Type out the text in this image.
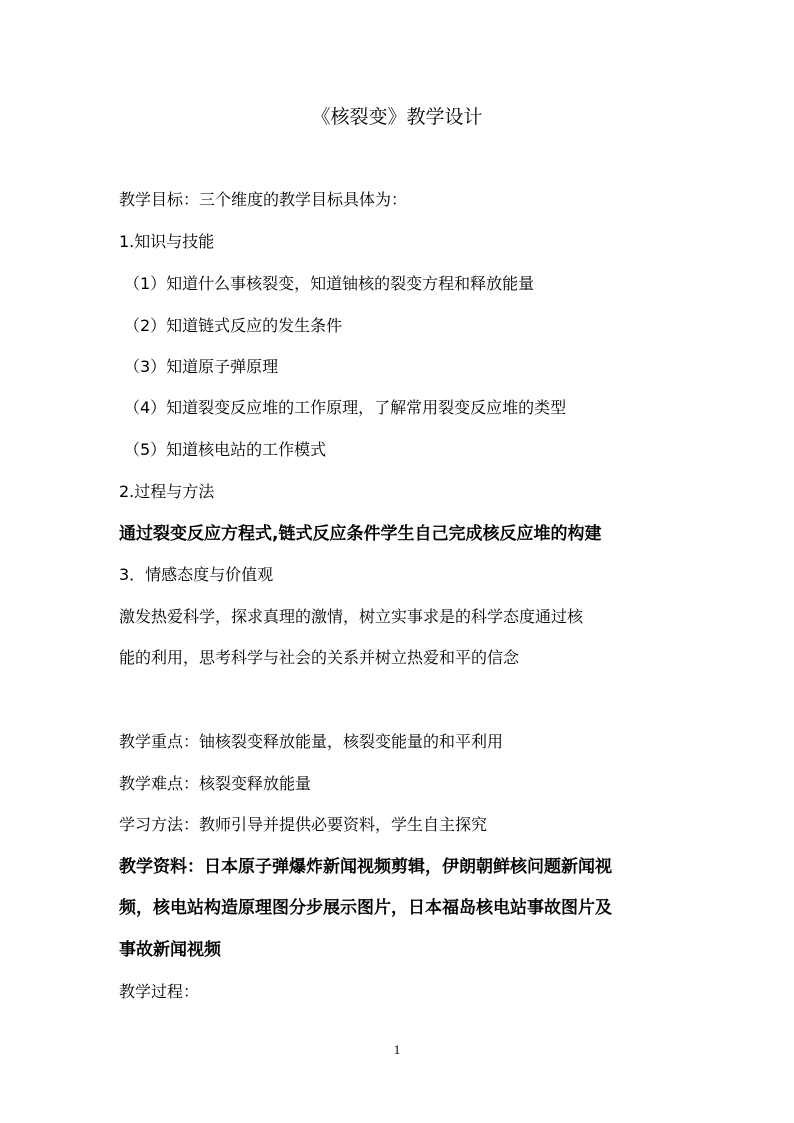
《核裂变》教学设计
教学目标：三个维度的教学目标具体为：
1.知识与技能
（1）知道什么事核裂变，知道铀核的裂变方程和释放能量
（2）知道链式反应的发生条件
（3）知道原子弹原理
（4）知道裂变反应堆的工作原理，了解常用裂变反应堆的类型
（5）知道核电站的工作模式
2.过程与方法
通过裂变反应方程式,链式反应条件学生自己完成核反应堆的构建
3．情感态度与价值观
激发热爱科学，探求真理的激情，树立实事求是的科学态度通过核
能的利用，思考科学与社会的关系并树立热爱和平的信念
教学重点：铀核裂变释放能量，核裂变能量的和平利用
教学难点：核裂变释放能量
学习方法：教师引导并提供必要资料，学生自主探究
教学资料：日本原子弹爆炸新闻视频剪辑，伊朗朝鲜核问题新闻视
频，核电站构造原理图分步展示图片，日本福岛核电站事故图片及
事故新闻视频
教学过程：
1
